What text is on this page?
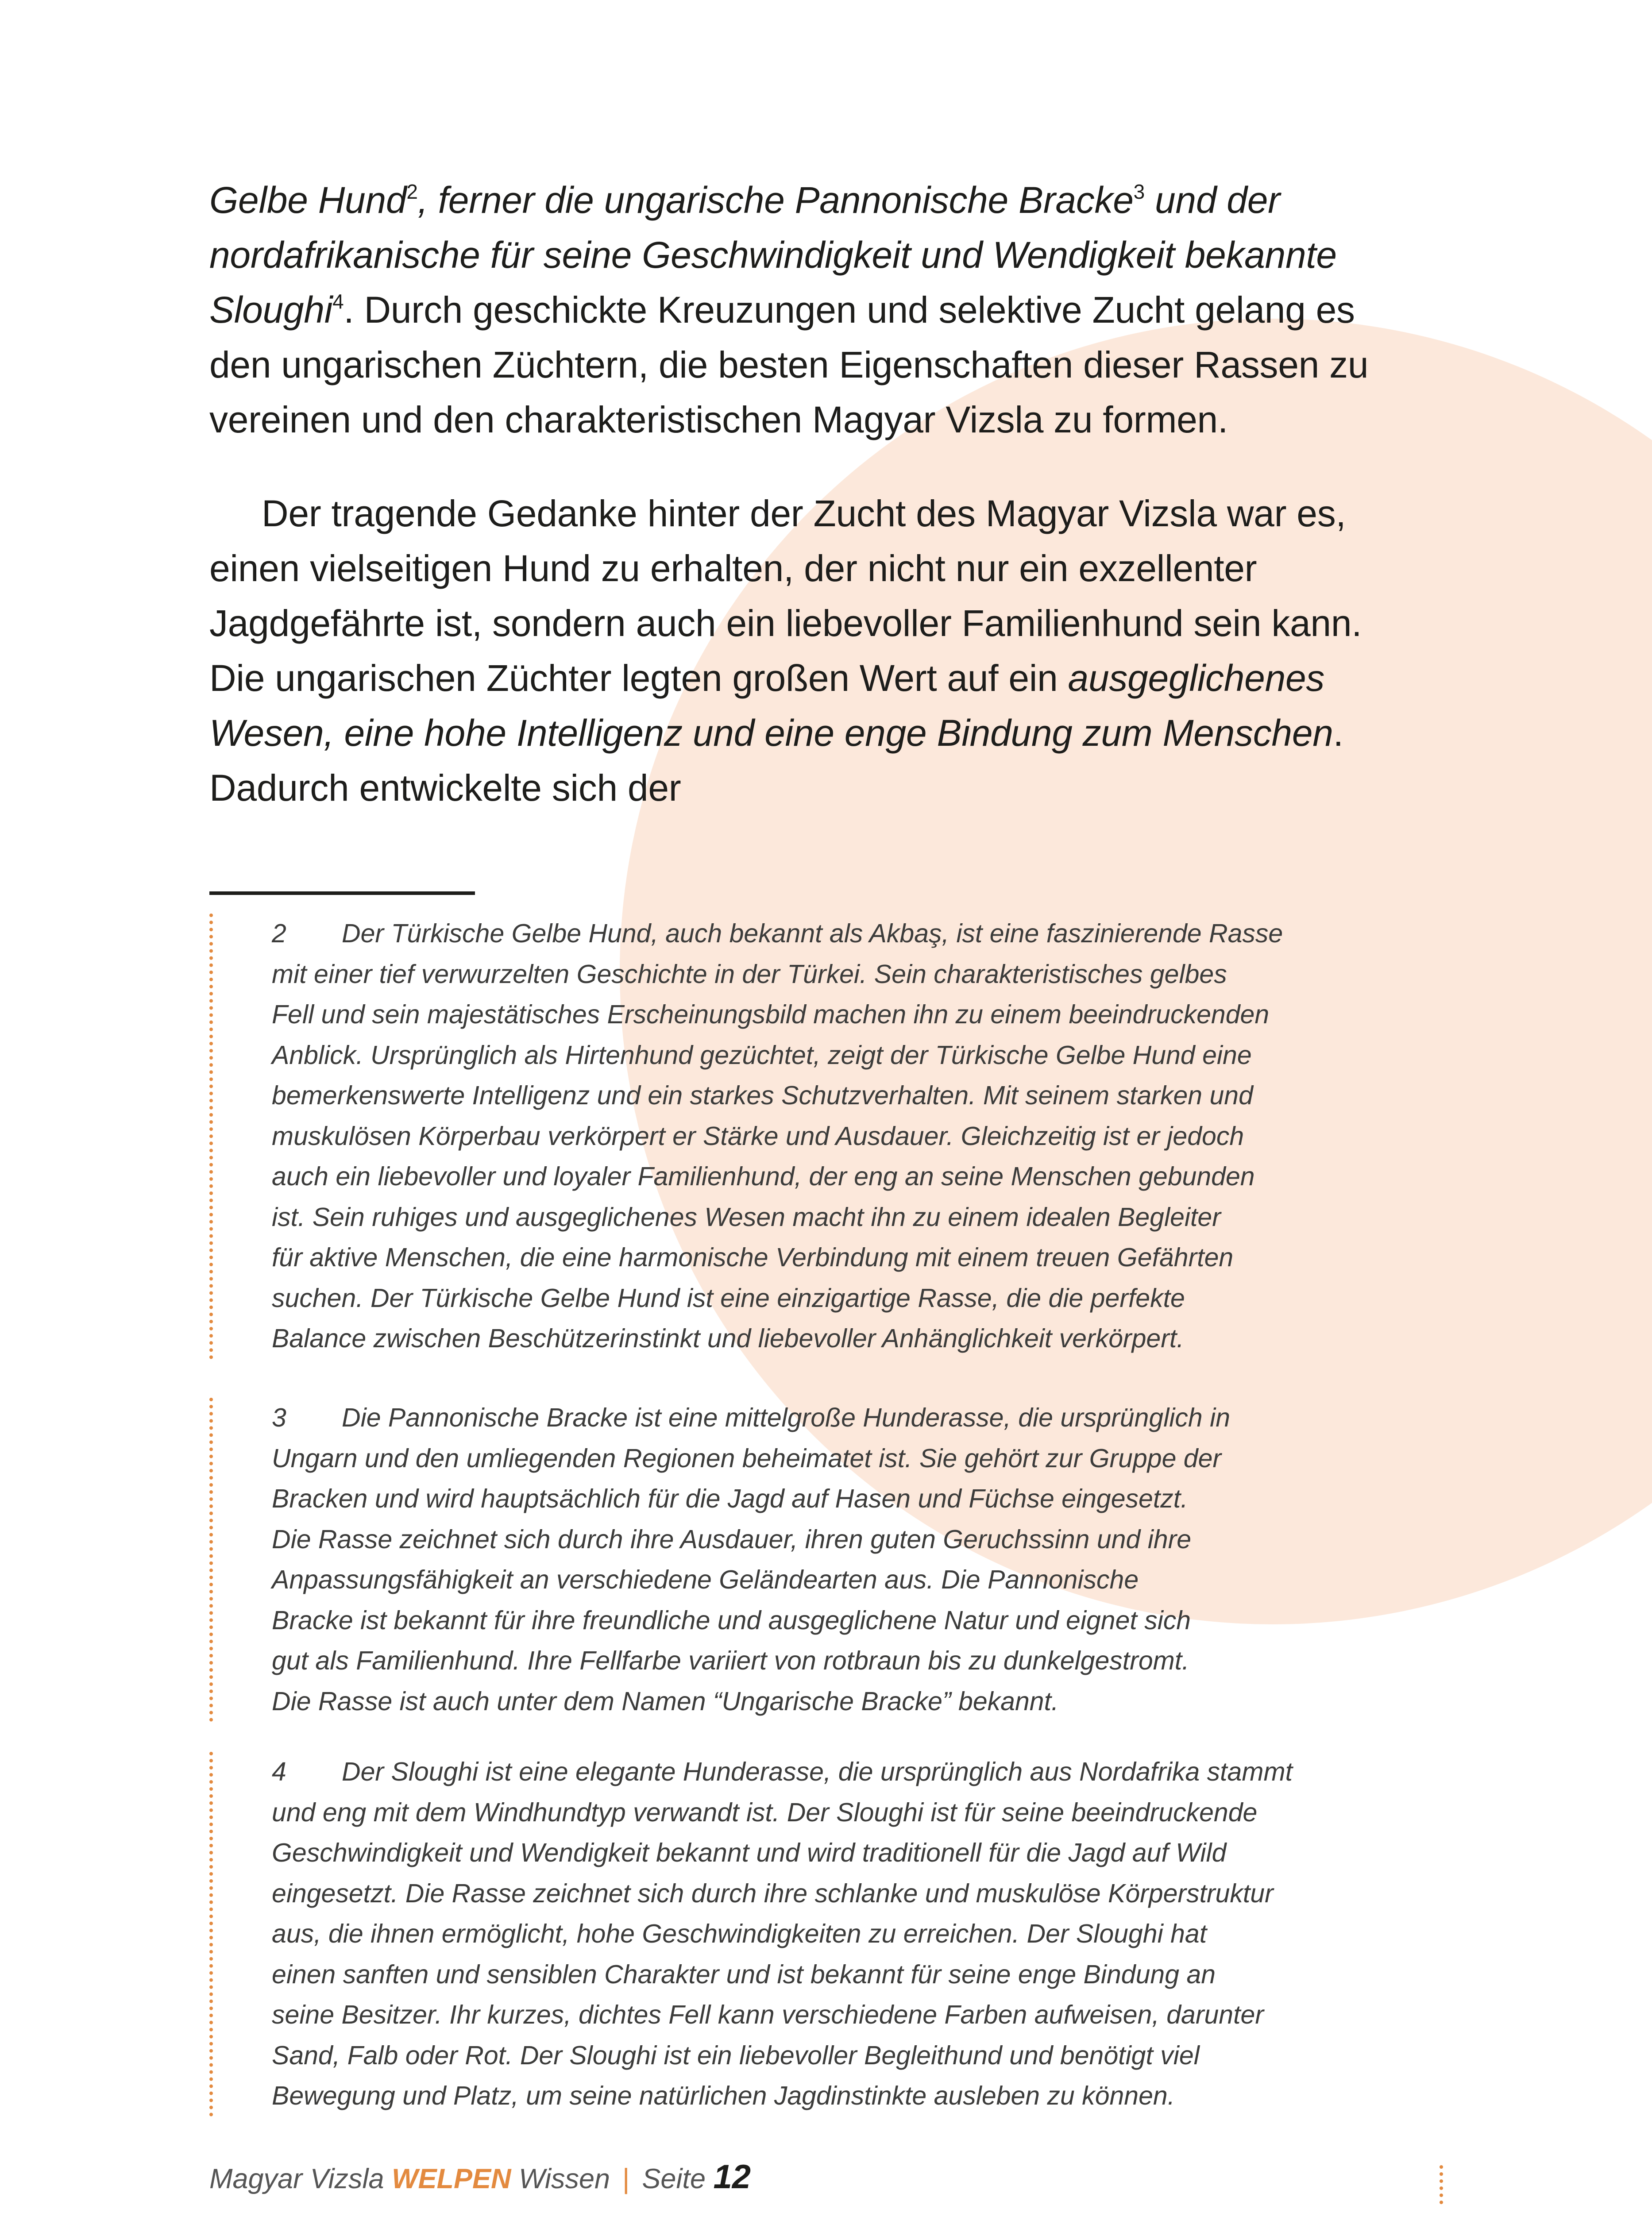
Gelbe Hund$^2$, ferner die ungarische Pannonische Bracke$^3$ und der nordafrikanische für seine Geschwindigkeit und Wendigkeit bekannte Sloughi$^4$. Durch geschickte Kreuzungen und selektive Zucht gelang es den ungarischen Züchtern, die besten Eigenschaften dieser Rassen zu vereinen und den charakteristischen Magyar Vizsla zu formen.

Der tragende Gedanke hinter der Zucht des Magyar Vizsla war es, einen vielseitigen Hund zu erhalten, der nicht nur ein exzellenter Jagdgefährte ist, sondern auch ein liebevoller Familienhund sein kann. Die ungarischen Züchter legten großen Wert auf ein ausgeglichenes Wesen, eine hohe Intelligenz und eine enge Bindung zum Menschen. Dadurch entwickelte sich der

2 Der Türkische Gelbe Hund, auch bekannt als Akbaş, ist eine faszinierende Rasse
mit einer tief verwurzelten Geschichte in der Türkei. Sein charakteristisches gelbes
Fell und sein majestätisches Erscheinungsbild machen ihn zu einem beeindruckenden
Anblick. Ursprünglich als Hirtenhund gezüchtet, zeigt der Türkische Gelbe Hund eine
bemerkenswerte Intelligenz und ein starkes Schutzverhalten. Mit seinem starken und
muskulösen Körperbau verkörpert er Stärke und Ausdauer. Gleichzeitig ist er jedoch
auch ein liebevoller und loyaler Familienhund, der eng an seine Menschen gebunden
ist. Sein ruhiges und ausgeglichenes Wesen macht ihn zu einem idealen Begleiter
für aktive Menschen, die eine harmonische Verbindung mit einem treuen Gefährten
suchen. Der Türkische Gelbe Hund ist eine einzigartige Rasse, die die perfekte
Balance zwischen Beschützerinstinkt und liebevoller Anhänglichkeit verkörpert.
3 Die Pannonische Bracke ist eine mittelgroße Hunderasse, die ursprünglich in
Ungarn und den umliegenden Regionen beheimatet ist. Sie gehört zur Gruppe der
Bracken und wird hauptsächlich für die Jagd auf Hasen und Füchse eingesetzt.
Die Rasse zeichnet sich durch ihre Ausdauer, ihren guten Geruchssinn und ihre
Anpassungsfähigkeit an verschiedene Geländearten aus. Die Pannonische
Bracke ist bekannt für ihre freundliche und ausgeglichene Natur und eignet sich
gut als Familienhund. Ihre Fellfarbe variiert von rotbraun bis zu dunkelgestromt.
Die Rasse ist auch unter dem Namen “Ungarische Bracke” bekannt.
4 Der Sloughi ist eine elegante Hunderasse, die ursprünglich aus Nordafrika stammt
und eng mit dem Windhundtyp verwandt ist. Der Sloughi ist für seine beeindruckende
Geschwindigkeit und Wendigkeit bekannt und wird traditionell für die Jagd auf Wild
eingesetzt. Die Rasse zeichnet sich durch ihre schlanke und muskulöse Körperstruktur
aus, die ihnen ermöglicht, hohe Geschwindigkeiten zu erreichen. Der Sloughi hat
einen sanften und sensiblen Charakter und ist bekannt für seine enge Bindung an
seine Besitzer. Ihr kurzes, dichtes Fell kann verschiedene Farben aufweisen, darunter
Sand, Falb oder Rot. Der Sloughi ist ein liebevoller Begleithund und benötigt viel
Bewegung und Platz, um seine natürlichen Jagdinstinkte ausleben zu können.
Magyar Vizsla WELPEN Wissen | Seite 12
